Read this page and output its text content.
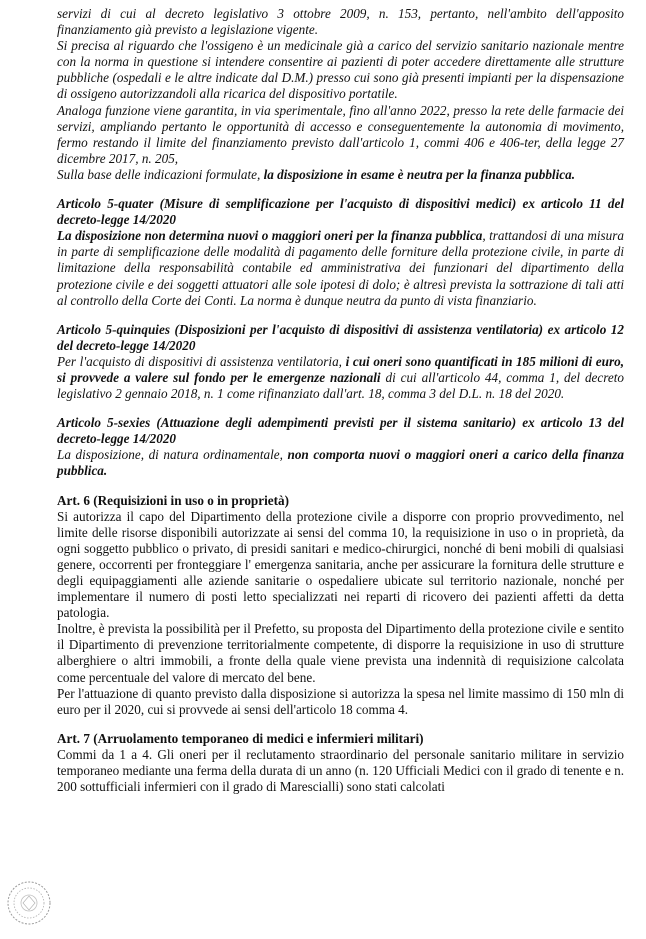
servizi di cui al decreto legislativo 3 ottobre 2009, n. 153, pertanto, nell'ambito dell'apposito finanziamento già previsto a legislazione vigente.

Si precisa al riguardo che l'ossigeno è un medicinale già a carico del servizio sanitario nazionale mentre con la norma in questione si intendere consentire ai pazienti di poter accedere direttamente alle strutture pubbliche (ospedali e le altre indicate dal D.M.) presso cui sono già presenti impianti per la dispensazione di ossigeno autorizzandoli alla ricarica del dispositivo portatile.

Analoga funzione viene garantita, in via sperimentale, fino all'anno 2022, presso la rete delle farmacie dei servizi, ampliando pertanto le opportunità di accesso e conseguentemente la autonomia di movimento, fermo restando il limite del finanziamento previsto dall'articolo 1, commi 406 e 406-ter, della legge 27 dicembre 2017, n. 205,

Sulla base delle indicazioni formulate, la disposizione in esame è neutra per la finanza pubblica.

Articolo 5-quater (Misure di semplificazione per l'acquisto di dispositivi medici) ex articolo 11 del decreto-legge 14/2020

La disposizione non determina nuovi o maggiori oneri per la finanza pubblica, trattandosi di una misura in parte di semplificazione delle modalità di pagamento delle forniture della protezione civile, in parte di limitazione della responsabilità contabile ed amministrativa dei funzionari del dipartimento della protezione civile e dei soggetti attuatori alle sole ipotesi di dolo; è altresì prevista la sottrazione di tali atti al controllo della Corte dei Conti. La norma è dunque neutra da punto di vista finanziario.

Articolo 5-quinquies (Disposizioni per l'acquisto di dispositivi di assistenza ventilatoria) ex articolo 12 del decreto-legge 14/2020

Per l'acquisto di dispositivi di assistenza ventilatoria, i cui oneri sono quantificati in 185 milioni di euro, si provvede a valere sul fondo per le emergenze nazionali di cui all'articolo 44, comma 1, del decreto legislativo 2 gennaio 2018, n. 1 come rifinanziato dall'art. 18, comma 3 del D.L. n. 18 del 2020.

Articolo 5-sexies (Attuazione degli adempimenti previsti per il sistema sanitario) ex articolo 13 del decreto-legge 14/2020

La disposizione, di natura ordinamentale, non comporta nuovi o maggiori oneri a carico della finanza pubblica.

Art. 6 (Requisizioni in uso o in proprietà)

Si autorizza il capo del Dipartimento della protezione civile a disporre con proprio provvedimento, nel limite delle risorse disponibili autorizzate ai sensi del comma 10, la requisizione in uso o in proprietà, da ogni soggetto pubblico o privato, di presidi sanitari e medico-chirurgici, nonché di beni mobili di qualsiasi genere, occorrenti per fronteggiare l' emergenza sanitaria, anche per assicurare la fornitura delle strutture e degli equipaggiamenti alle aziende sanitarie o ospedaliere ubicate sul territorio nazionale, nonché per implementare il numero di posti letto specializzati nei reparti di ricovero dei pazienti affetti da detta patologia.

Inoltre, è prevista la possibilità per il Prefetto, su proposta del Dipartimento della protezione civile e sentito il Dipartimento di prevenzione territorialmente competente, di disporre la requisizione in uso di strutture alberghiere o altri immobili, a fronte della quale viene prevista una indennità di requisizione calcolata come percentuale del valore di mercato del bene.

Per l'attuazione di quanto previsto dalla disposizione si autorizza la spesa nel limite massimo di 150 mln di euro per il 2020, cui si provvede ai sensi dell'articolo 18 comma 4.

Art. 7 (Arruolamento temporaneo di medici e infermieri militari)

Commi da 1 a 4. Gli oneri per il reclutamento straordinario del personale sanitario militare in servizio temporaneo mediante una ferma della durata di un anno (n. 120 Ufficiali Medici con il grado di tenente e n. 200 sottufficiali infermieri con il grado di Marescialli) sono stati calcolati
